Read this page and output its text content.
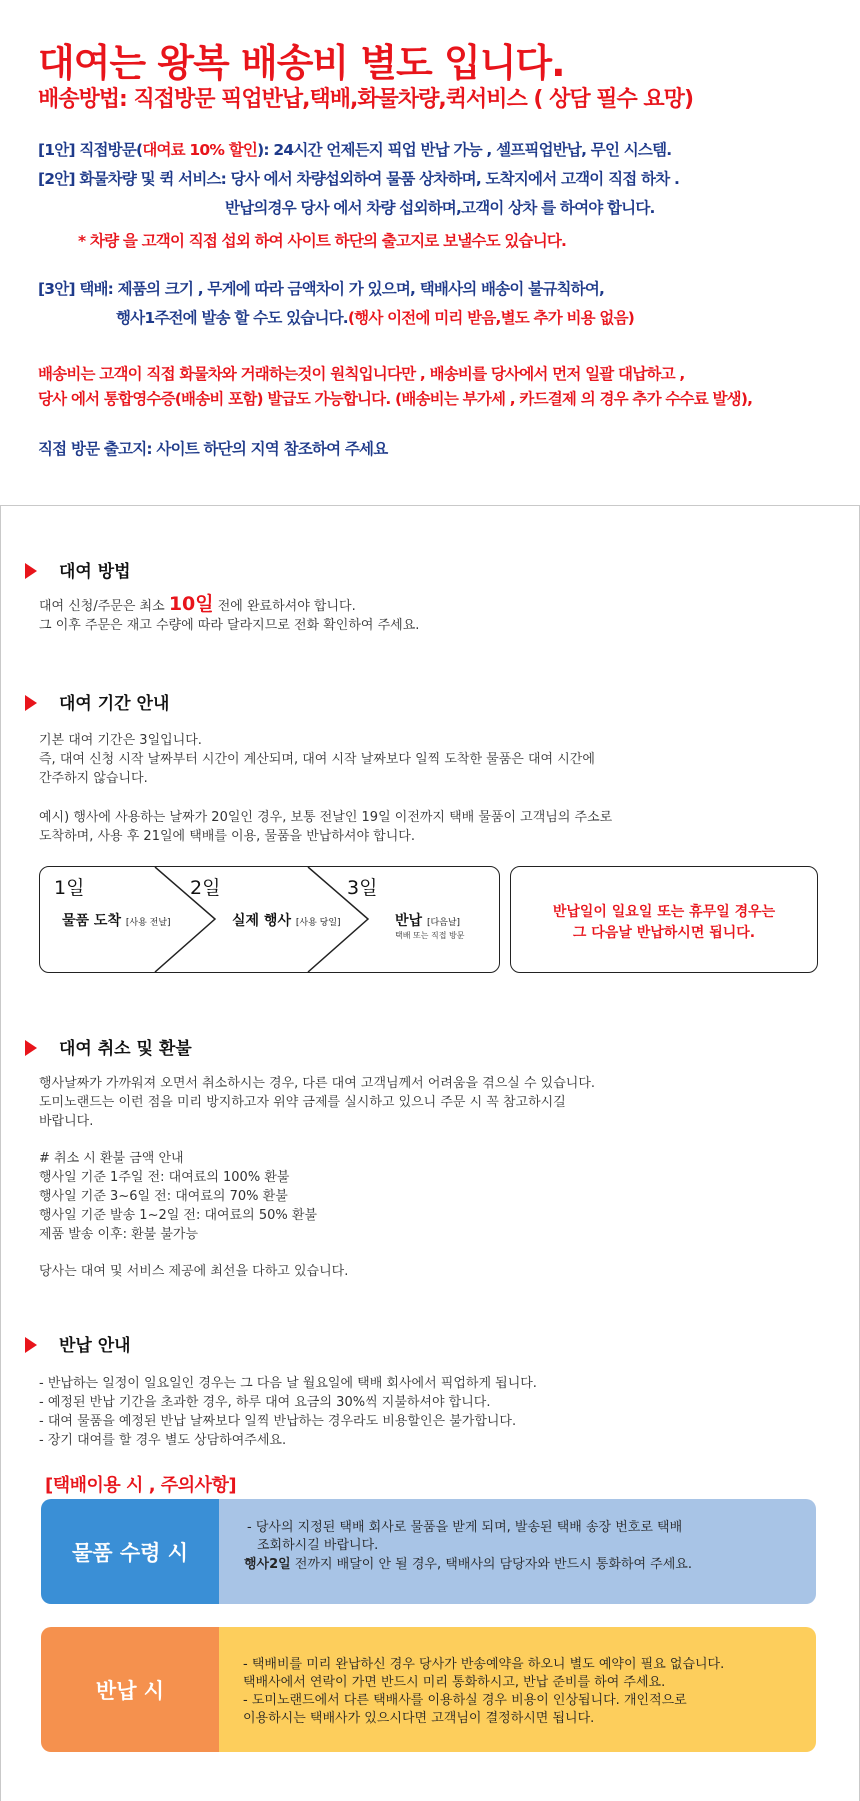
대여는 왕복 배송비 별도 입니다.
배송방법: 직접방문 픽업반납,택배,화물차량,퀵서비스 ( 상담 필수 요망)
[1안] 직접방문(대여료 10% 할인): 24시간 언제든지 픽업 반납 가능 , 셀프픽업반납, 무인 시스템.
[2안] 화물차량 및 퀵 서비스: 당사 에서 차량섭외하여 물품 상차하며, 도착지에서 고객이 직접 하차 .
반납의경우 당사 에서 차량 섭외하며,고객이 상차 를 하여야 합니다.
* 차량 을 고객이 직접 섭외 하여 사이트 하단의 출고지로 보낼수도 있습니다.
[3안] 택배: 제품의 크기 , 무게에 따라 금액차이 가 있으며, 택배사의 배송이 불규칙하여,
행사1주전에 발송 할 수도 있습니다.(행사 이전에 미리 받음,별도 추가 비용 없음)
배송비는 고객이 직접 화물차와 거래하는것이 원칙입니다만 , 배송비를 당사에서 먼저 일괄 대납하고 ,
당사 에서 통합영수증(배송비 포함) 발급도 가능합니다. (배송비는 부가세 , 카드결제 의 경우 추가 수수료 발생),
직접 방문 출고지: 사이트 하단의 지역 참조하여 주세요
대여 방법
대여 신청/주문은 최소 10일 전에 완료하셔야 합니다.
그 이후 주문은 재고 수량에 따라 달라지므로 전화 확인하여 주세요.
대여 기간 안내
기본 대여 기간은 3일입니다.
즉, 대여 신청 시작 날짜부터 시간이 계산되며, 대여 시작 날짜보다 일찍 도착한 물품은 대여 시간에
간주하지 않습니다.
예시) 행사에 사용하는 날짜가 20일인 경우, 보통 전날인 19일 이전까지 택배 물품이 고객님의 주소로
도착하며, 사용 후 21일에 택배를 이용, 물품을 반납하셔야 합니다.
1일	2일	3일
물품 도착 [사용 전날]	실제 행사 [사용 당일]	반납 [다음날]
택배 또는 직접 방문
반납일이 일요일 또는 휴무일 경우는
그 다음날 반납하시면 됩니다.
대여 취소 및 환불
행사날짜가 가까워져 오면서 취소하시는 경우, 다른 대여 고객님께서 어려움을 겪으실 수 있습니다.
도미노랜드는 이런 점을 미리 방지하고자 위약 금제를 실시하고 있으니 주문 시 꼭 참고하시길
바랍니다.
# 취소 시 환불 금액 안내
행사일 기준 1주일 전: 대여료의 100% 환불
행사일 기준 3~6일 전: 대여료의 70% 환불
행사일 기준 발송 1~2일 전: 대여료의 50% 환불
제품 발송 이후: 환불 불가능
당사는 대여 및 서비스 제공에 최선을 다하고 있습니다.
반납 안내
- 반납하는 일정이 일요일인 경우는 그 다음 날 월요일에 택배 회사에서 픽업하게 됩니다.
- 예정된 반납 기간을 초과한 경우, 하루 대여 요금의 30%씩 지불하셔야 합니다.
- 대여 물품을 예정된 반납 날짜보다 일찍 반납하는 경우라도 비용할인은 불가합니다.
- 장기 대여를 할 경우 별도 상담하여주세요.
[택배이용 시 , 주의사항]
물품 수령 시
- 당사의 지정된 택배 회사로 물품을 받게 되며, 발송된 택배 송장 번호로 택배
조회하시길 바랍니다.
행사2일 전까지 배달이 안 될 경우, 택배사의 담당자와 반드시 통화하여 주세요.
반납 시
- 택배비를 미리 완납하신 경우 당사가 반송예약을 하오니 별도 예약이 필요 없습니다.
택배사에서 연락이 가면 반드시 미리 통화하시고, 반납 준비를 하여 주세요.
- 도미노랜드에서 다른 택배사를 이용하실 경우 비용이 인상됩니다. 개인적으로
이용하시는 택배사가 있으시다면 고객님이 결정하시면 됩니다.
